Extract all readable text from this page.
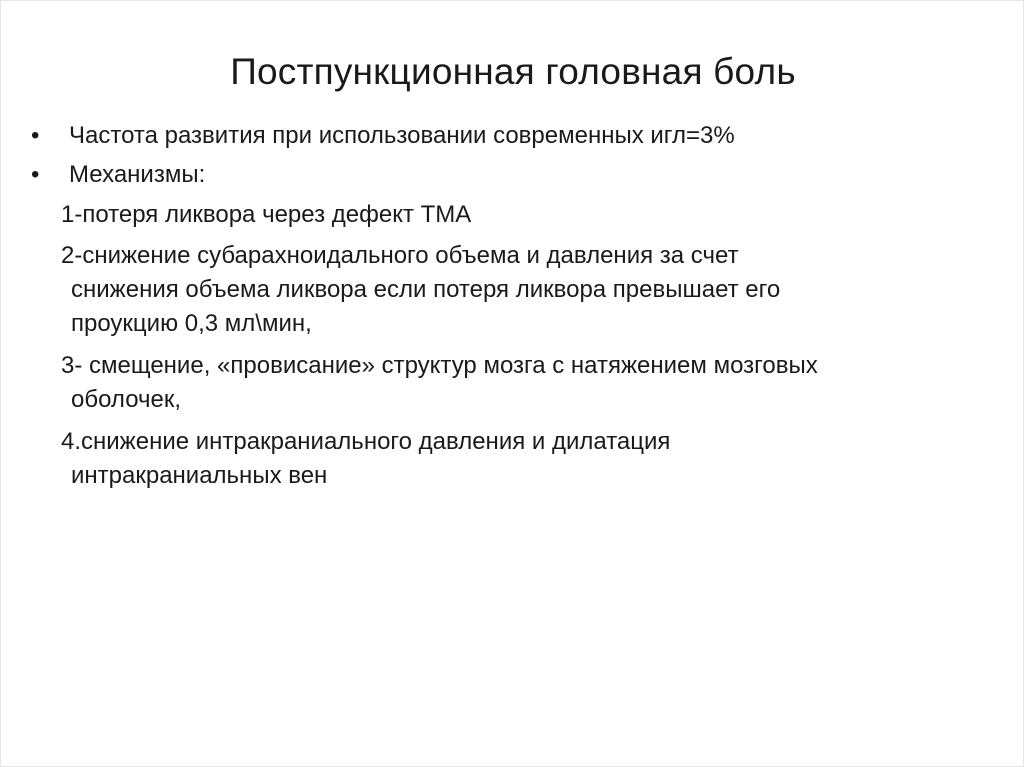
Постпункционная головная боль
• Частота развития при использовании современных игл=3%
• Механизмы:
1-потеря ликвора через дефект ТМА
2-снижение субарахноидального объема и давления за счет
снижения объема ликвора если потеря ликвора превышает его
проукцию 0,3 мл\мин,
3- смещение, «провисание» структур мозга с натяжением мозговых
оболочек,
4.снижение интракраниального давления и дилатация
интракраниальных вен
